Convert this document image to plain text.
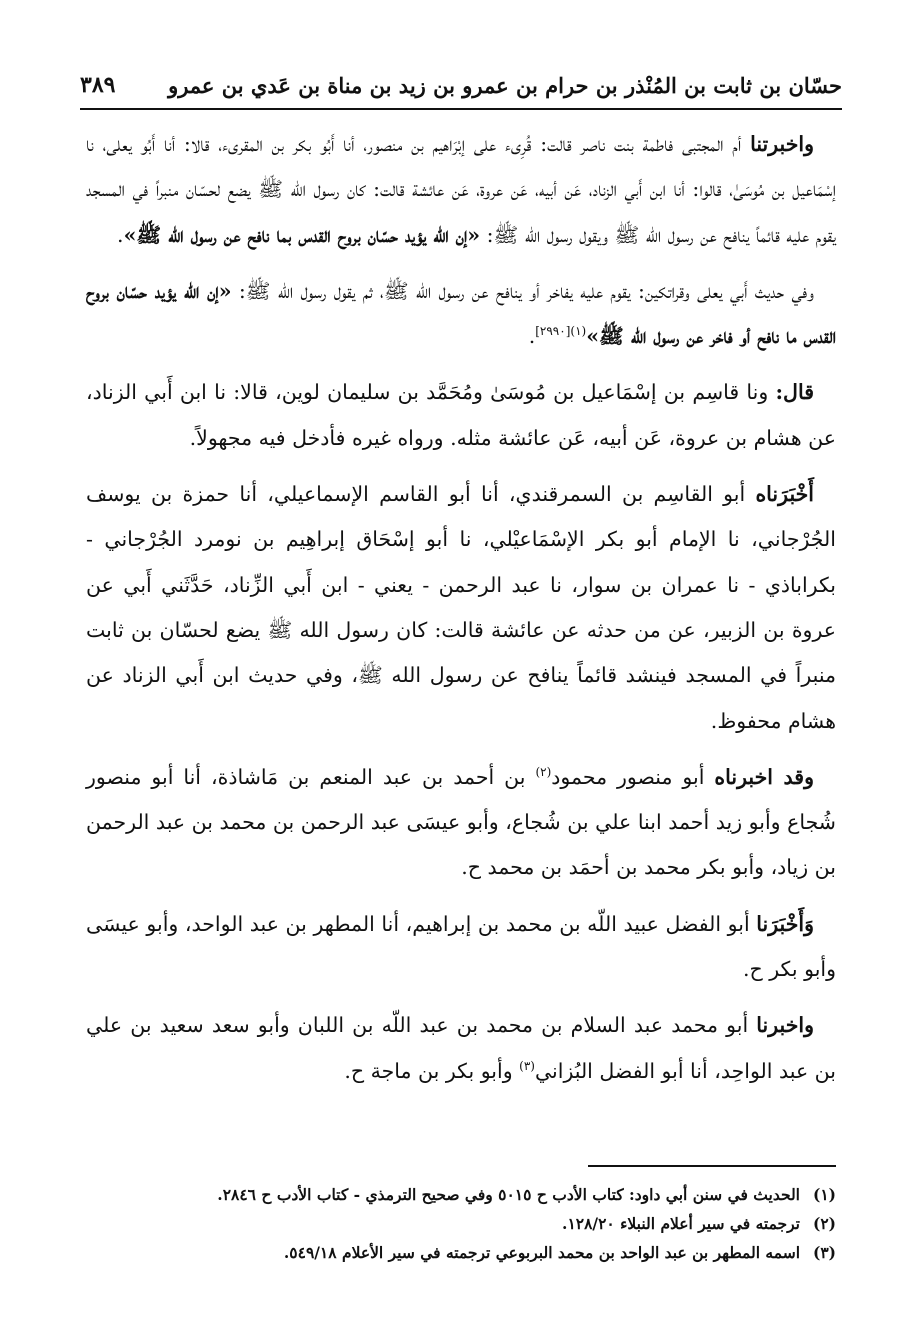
حسّان بن ثابت بن المُنْذر بن حرام بن عمرو بن زيد بن مناة بن عَدي بن عمرو
٣٨٩

واخبرتنا أم المجتبى فاطمة بنت ناصر قالت: قُرِىء على إبْرَاهيم بن منصور، أنا أَبُو بكر بن المقرىء، قالا: أنا أَبُو يعلى، نا إسْمَاعيل بن مُوسَىٰ، قالوا: أنا ابن أَبي الزناد، عَن أبيه، عَن عروة، عَن عائشة قالت: كان رسول الله ﷺ يضع لحسّان منبراً في المسجد يقوم عليه قائماً ينافح عن رسول الله ﷺ ويقول رسول الله ﷺ: «إن الله يؤيد حسّان بروح القدس بما نافح عن رسول الله ﷺ».

وفي حديث أَبي يعلى وقراتكين: يقوم عليه يفاخر أو ينافح عن رسول الله ﷺ، ثم يقول رسول الله ﷺ: «إن الله يؤيد حسّان بروح القدس ما نافح أو فاخر عن رسول الله ﷺ»$^{(١)[٢٩٩٠]}$.

قال: ونا قاسِم بن إسْمَاعيل بن مُوسَىٰ ومُحَمَّد بن سليمان لوين، قالا: نا ابن أَبي الزناد، عن هشام بن عروة، عَن أبيه، عَن عائشة مثله. ورواه غيره فأدخل فيه مجهولاً.

أَخْبَرَناه أبو القاسِم بن السمرقندي، أنا أبو القاسم الإسماعيلي، أنا حمزة بن يوسف الجُرْجاني، نا الإمام أبو بكر الإسْمَاعيْلي، نا أبو إسْحَاق إبراهِيم بن نومرد الجُرْجاني - بكراباذي - نا عمران بن سوار، نا عبد الرحمن - يعني - ابن أَبي الزِّناد، حَدَّثَني أَبي عن عروة بن الزبير، عن من حدثه عن عائشة قالت: كان رسول الله ﷺ يضع لحسّان بن ثابت منبراً في المسجد فينشد قائماً ينافح عن رسول الله ﷺ، وفي حديث ابن أَبي الزناد عن هشام محفوظ.

وقد اخبرناه أبو منصور محمود$^{(٢)}$ بن أحمد بن عبد المنعم بن مَاشاذة، أنا أبو منصور شُجاع وأبو زيد أحمد ابنا علي بن شُجاع، وأبو عيسَى عبد الرحمن بن محمد بن عبد الرحمن بن زياد، وأبو بكر محمد بن أحمَد بن محمد ح.

وَأَخْبَرَنا أبو الفضل عبيد اللّه بن محمد بن إبراهيم، أنا المطهر بن عبد الواحد، وأبو عيسَى وأبو بكر ح.

واخبرنا أبو محمد عبد السلام بن محمد بن عبد اللّه بن اللبان وأبو سعد سعيد بن علي بن عبد الواحِد، أنا أبو الفضل البُزاني$^{(٣)}$ وأبو بكر بن ماجة ح.

(١)
الحديث في سنن أبي داود: كتاب الأدب ح ٥٠١٥ وفي صحيح الترمذي - كتاب الأدب ح ٢٨٤٦.
(٢)
ترجمته في سير أعلام النبلاء ١٢٨/٢٠.
(٣)
اسمه المطهر بن عبد الواحد بن محمد البربوعي ترجمته في سير الأعلام ٥٤٩/١٨.
